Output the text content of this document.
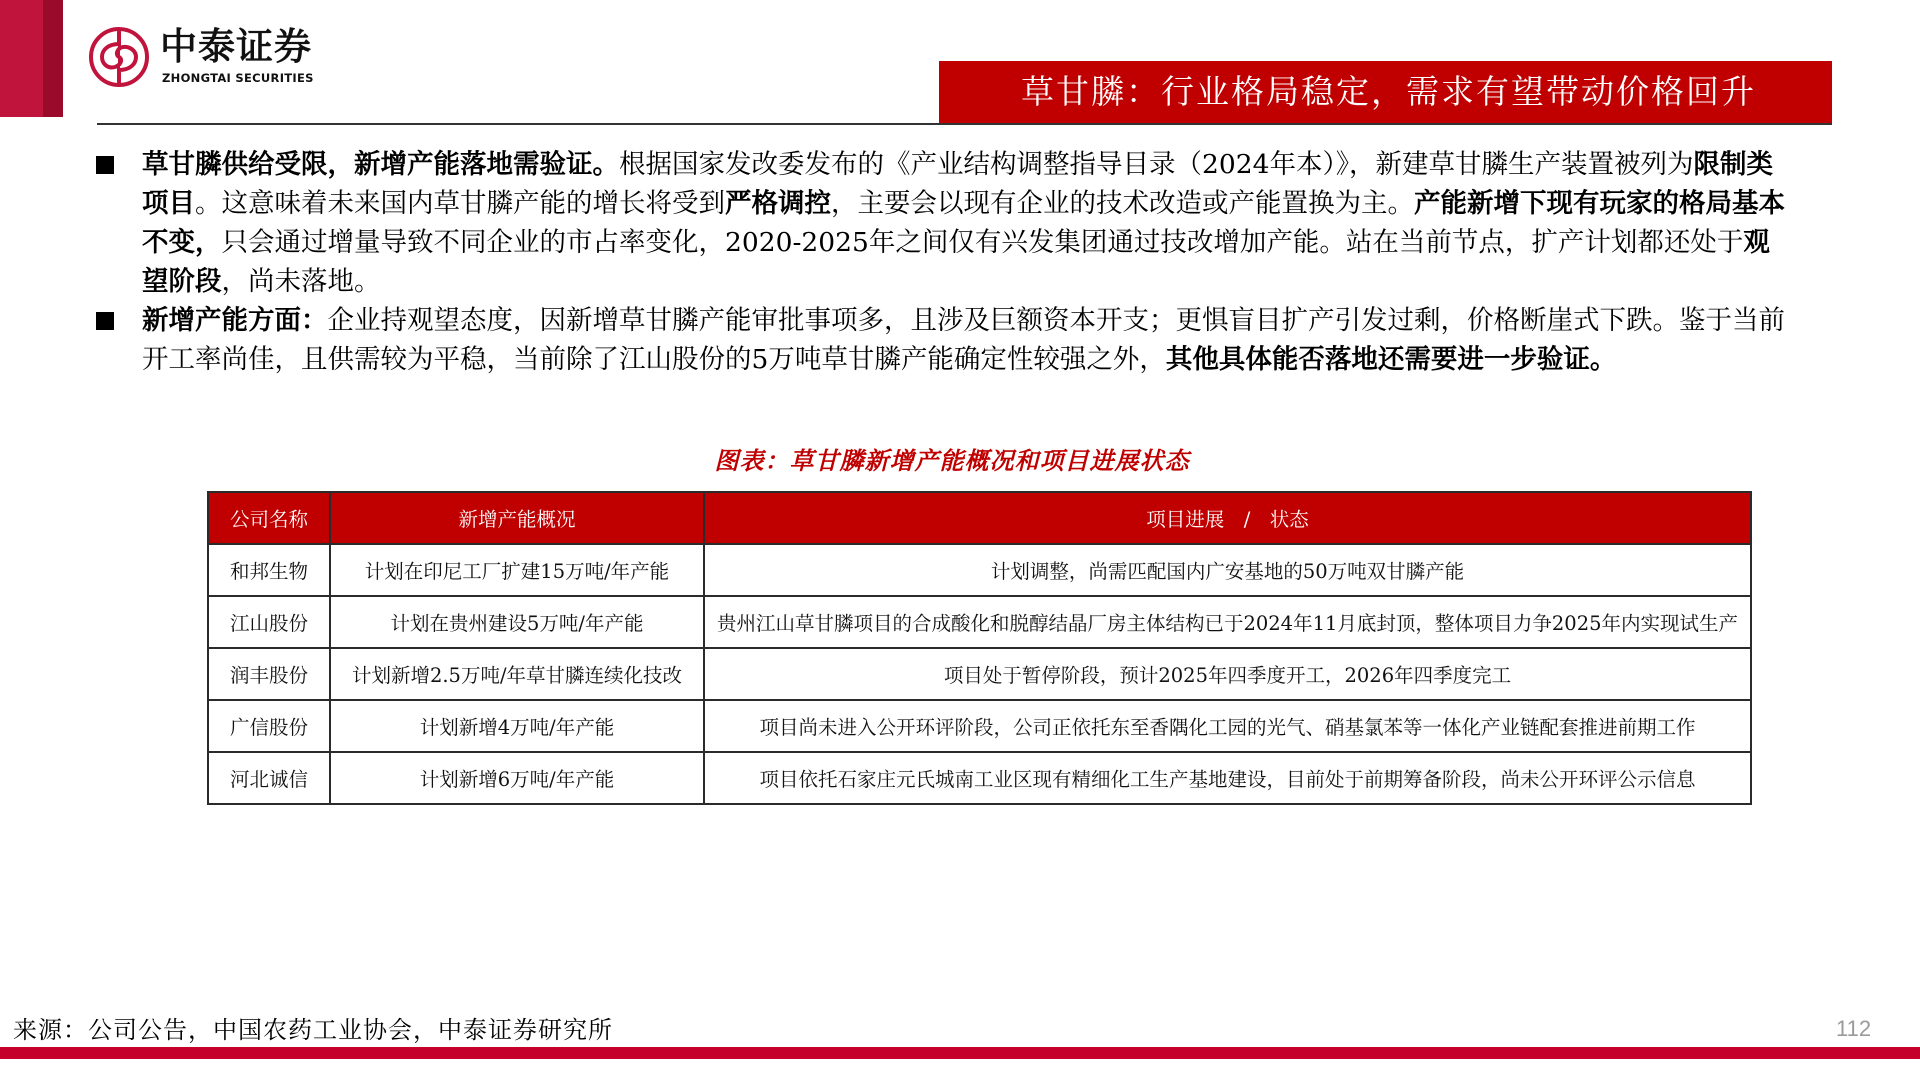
中泰证券
ZHONGTAI SECURITIES	草甘膦：行业格局稳定，需求有望带动价格回升
草甘膦供给受限，新增产能落地需验证。根据国家发改委发布的《产业结构调整指导目录（2024年本）》，新建草甘膦生产装置被列为限制类项目。这意味着未来国内草甘膦产能的增长将受到严格调控，主要会以现有企业的技术改造或产能置换为主。产能新增下现有玩家的格局基本不变，只会通过增量导致不同企业的市占率变化，2020-2025年之间仅有兴发集团通过技改增加产能。站在当前节点，扩产计划都还处于观望阶段，尚未落地。
新增产能方面：企业持观望态度，因新增草甘膦产能审批事项多，且涉及巨额资本开支；更惧盲目扩产引发过剩，价格断崖式下跌。鉴于当前开工率尚佳，且供需较为平稳，当前除了江山股份的5万吨草甘膦产能确定性较强之外，其他具体能否落地还需要进一步验证。
图表：草甘膦新增产能概况和项目进展状态
公司名称	新增产能概况	项目进展　/　状态
和邦生物	计划在印尼工厂扩建15万吨/年产能	计划调整，尚需匹配国内广安基地的50万吨双甘膦产能
江山股份	计划在贵州建设5万吨/年产能	贵州江山草甘膦项目的合成酸化和脱醇结晶厂房主体结构已于2024年11月底封顶，整体项目力争2025年内实现试生产
润丰股份	计划新增2.5万吨/年草甘膦连续化技改	项目处于暂停阶段，预计2025年四季度开工，2026年四季度完工
广信股份	计划新增4万吨/年产能	项目尚未进入公开环评阶段，公司正依托东至香隅化工园的光气、硝基氯苯等一体化产业链配套推进前期工作
河北诚信	计划新增6万吨/年产能	项目依托石家庄元氏城南工业区现有精细化工生产基地建设，目前处于前期筹备阶段，尚未公开环评公示信息
来源：公司公告，中国农药工业协会，中泰证券研究所	112
